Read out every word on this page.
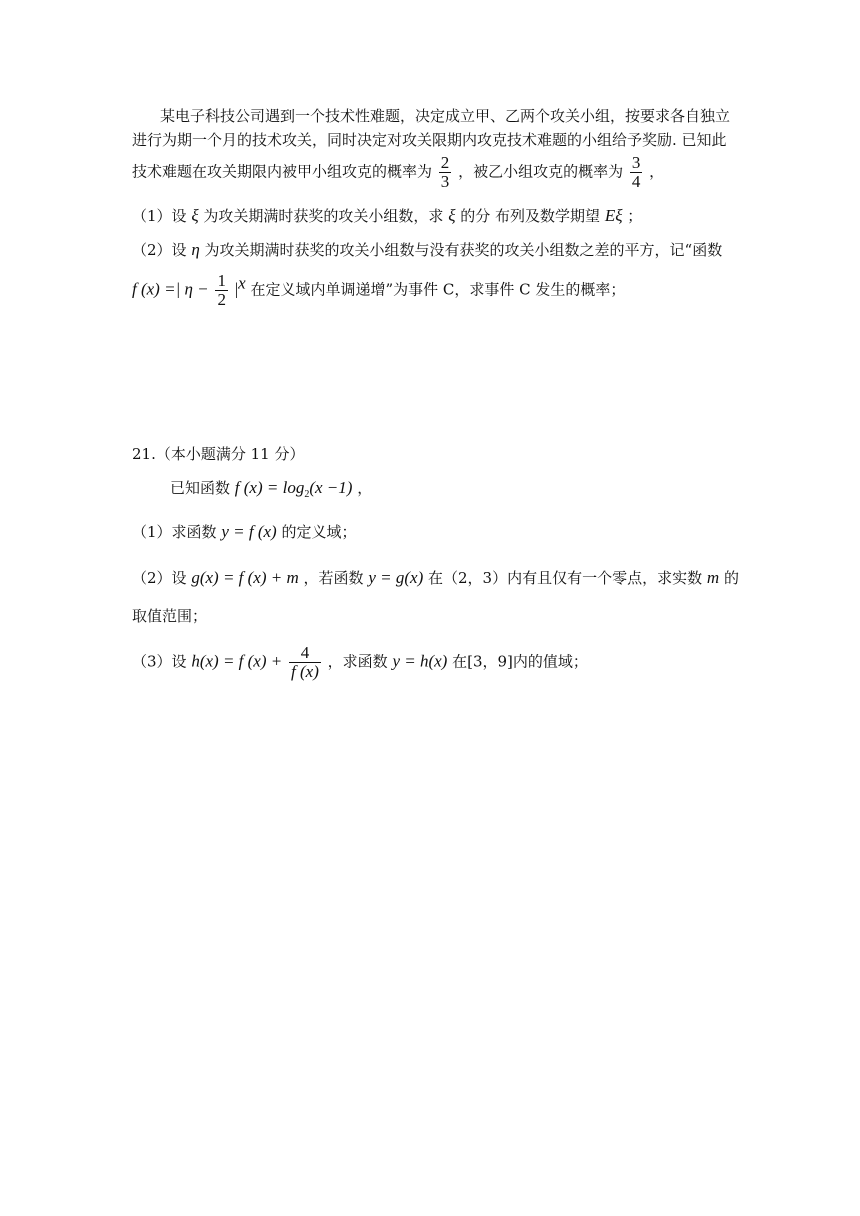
某电子科技公司遇到一个技术性难题，决定成立甲、乙两个攻关小组，按要求各自独立
进行为期一个月的技术攻关，同时决定对攻关限期内攻克技术难题的小组给予奖励. 已知此
技术难题在攻关期限内被甲小组攻克的概率为 $\frac{2}{3}$ ，被乙小组攻克的概率为 $\frac{3}{4}$ ，
（1）设 ξ 为攻关期满时获奖的攻关小组数，求 ξ 的分 布列及数学期望 Eξ ；
（2）设 η 为攻关期满时获奖的攻关小组数与没有获奖的攻关小组数之差的平方，记“函数
f (x) =| $\eta - \frac{1}{2} |^x$ 在定义域内单调递增”为事件 C，求事件 C 发生的概率；
21.（本小题满分 11 分）
已知函数 f $(x) = \log_2(x -1)$ ，
（1）求函数 y = f (x) 的定义域；
（2）设 g(x) = f (x) + m ，若函数 y = g(x) 在（2，3）内有且仅有一个零点，求实数 m 的
取值范围；
（3）设 h(x) = f $(x) + \frac{4}{f (x)}$ ，求函数 y = h(x) 在[3，9]内的值域；
